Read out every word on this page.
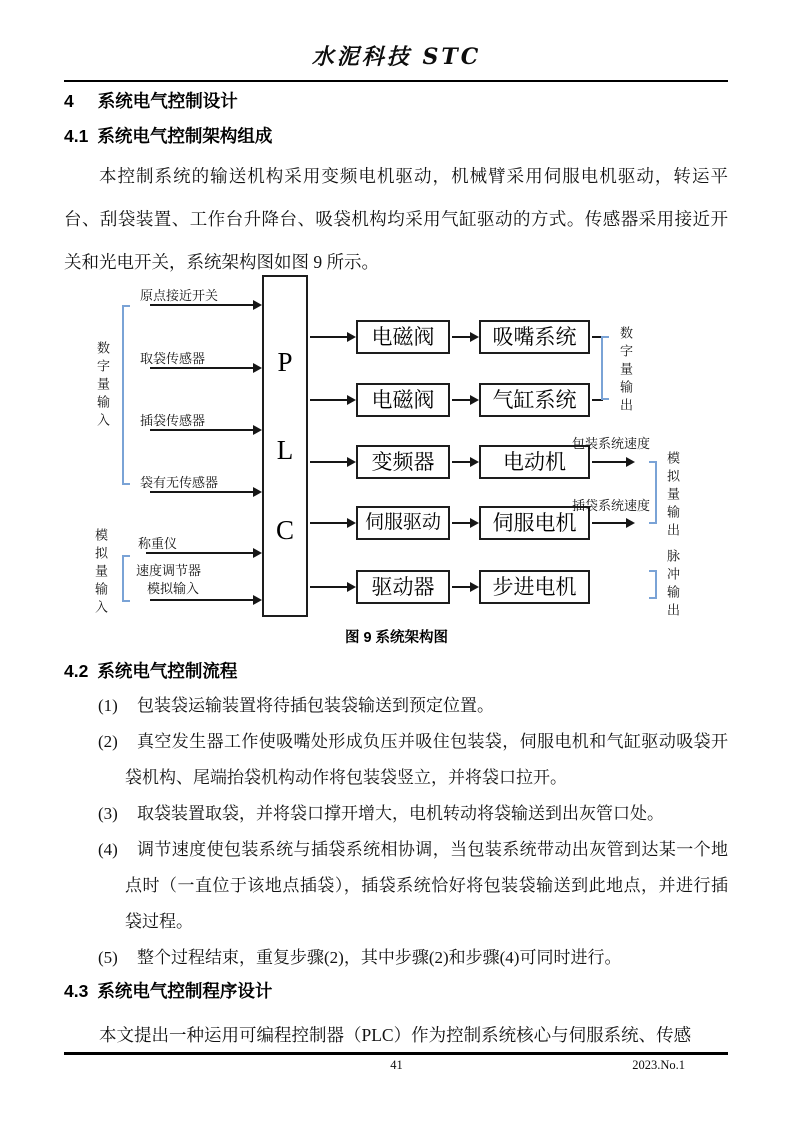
水泥科技 STC
4 系统电气控制设计
4.1 系统电气控制架构组成
本控制系统的输送机构采用变频电机驱动，机械臂采用伺服电机驱动，转运平台、刮袋装置、工作台升降台、吸袋机构均采用气缸驱动的方式。传感器采用接近开关和光电开关，系统架构图如图 9 所示。
P
L
C
原点接近开关
取袋传感器
插袋传感器
袋有无传感器
称重仪
速度调节器
模拟输入
数字量输入
模拟量输入
电磁阀	吸嘴系统
电磁阀	气缸系统	数字量输出
变频器	电动机
包装系统速度
伺服驱动	伺服电机
插袋系统速度 模拟量输出
驱动器	步进电机	脉冲输出
图 9 系统架构图
4.2 系统电气控制流程
(1) 包装袋运输装置将待插包装袋输送到预定位置。
(2) 真空发生器工作使吸嘴处形成负压并吸住包装袋，伺服电机和气缸驱动吸袋开袋机构、尾端抬袋机构动作将包装袋竖立，并将袋口拉开。
(3) 取袋装置取袋，并将袋口撑开增大，电机转动将袋输送到出灰管口处。
(4) 调节速度使包装系统与插袋系统相协调，当包装系统带动出灰管到达某一个地点时（一直位于该地点插袋），插袋系统恰好将包装袋输送到此地点，并进行插袋过程。
(5) 整个过程结束，重复步骤(2)，其中步骤(2)和步骤(4)可同时进行。
4.3 系统电气控制程序设计
本文提出一种运用可编程控制器（PLC）作为控制系统核心与伺服系统、传感
41	2023.No.1
